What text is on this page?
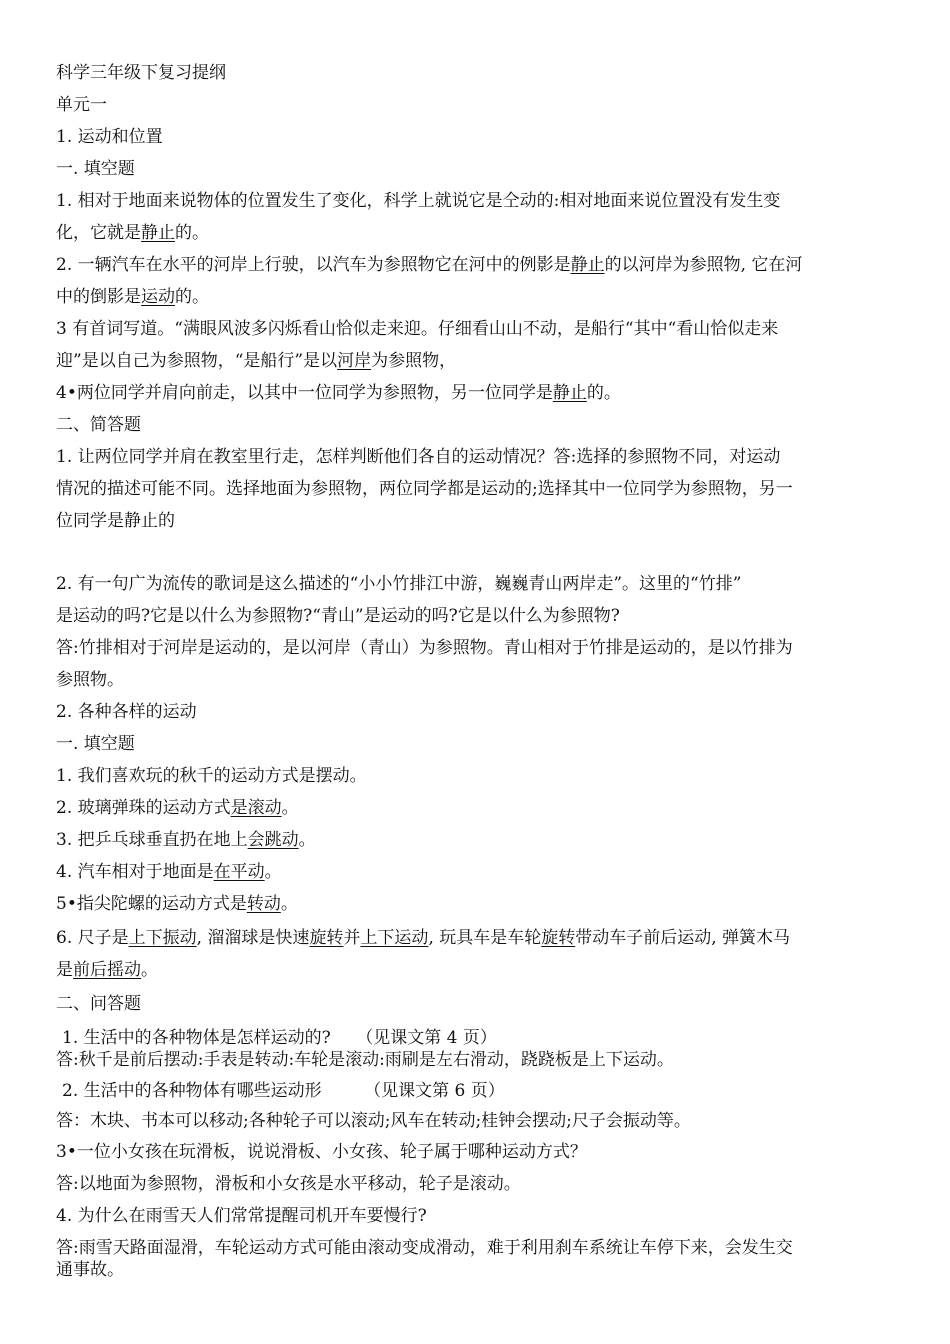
科学三年级下复习提纲
单元一
1. 运动和位置
一. 填空题
1. 相对于地面来说物体的位置发生了变化，科学上就说它是仝动的:相对地面来说位置没有发生变
化，它就是静止的。
2. 一辆汽车在水平的河岸上行驶，以汽车为参照物它在河中的例影是静止的以河岸为参照物, 它在河
中的倒影是运动的。
3 有首词写道。“满眼风波多闪烁看山恰似走来迎。仔细看山山不动，是船行“其中“看山恰似走来
迎”是以自己为参照物，“是船行”是以河岸为参照物，
4•两位同学并肩向前走，以其中一位同学为参照物，另一位同学是静止的。
二、简答题
1. 让两位同学并肩在教室里行走，怎样判断他们各自的运动情况？答:选择的参照物不同，对运动
情况的描述可能不同。选择地面为参照物，两位同学都是运动的;选择其中一位同学为参照物，另一
位同学是静止的
2. 有一句广为流传的歌词是这么描述的“小小竹排江中游，巍巍青山两岸走”。这里的“竹排”
是运动的吗?它是以什么为参照物?“青山”是运动的吗?它是以什么为参照物?
答:竹排相对于河岸是运动的，是以河岸（青山）为参照物。青山相对于竹排是运动的，是以竹排为
参照物。
2. 各种各样的运动
一. 填空题
1. 我们喜欢玩的秋千的运动方式是摆动。
2. 玻璃弹珠的运动方式是滚动。
3. 把乒乓球垂直扔在地上会跳动。
4. 汽车相对于地面是在平动。
5•指尖陀螺的运动方式是转动。
6. 尺子是上下振动, 溜溜球是快速旋转并上下运动, 玩具车是车轮旋转带动车子前后运动, 弹簧木马
是前后摇动。
二、问答题
1. 生活中的各种物体是怎样运动的?　　（见课文第 4 页）
答:秋千是前后摆动:手表是转动:车轮是滚动:雨刷是左右滑动，跷跷板是上下运动。
2. 生活中的各种物体有哪些运动形　　　（见课文第 6 页）
答：木块、书本可以移动;各种轮子可以滚动;风车在转动;桂钟会摆动;尺子会振动等。
3•一位小女孩在玩滑板，说说滑板、小女孩、轮子属于哪种运动方式？
答:以地面为参照物，滑板和小女孩是水平移动，轮子是滚动。
4. 为什么在雨雪天人们常常提醒司机开车要慢行?
答:雨雪天路面湿滑，车轮运动方式可能由滚动变成滑动，难于利用刹车系统让车停下来，会发生交
通事故。
